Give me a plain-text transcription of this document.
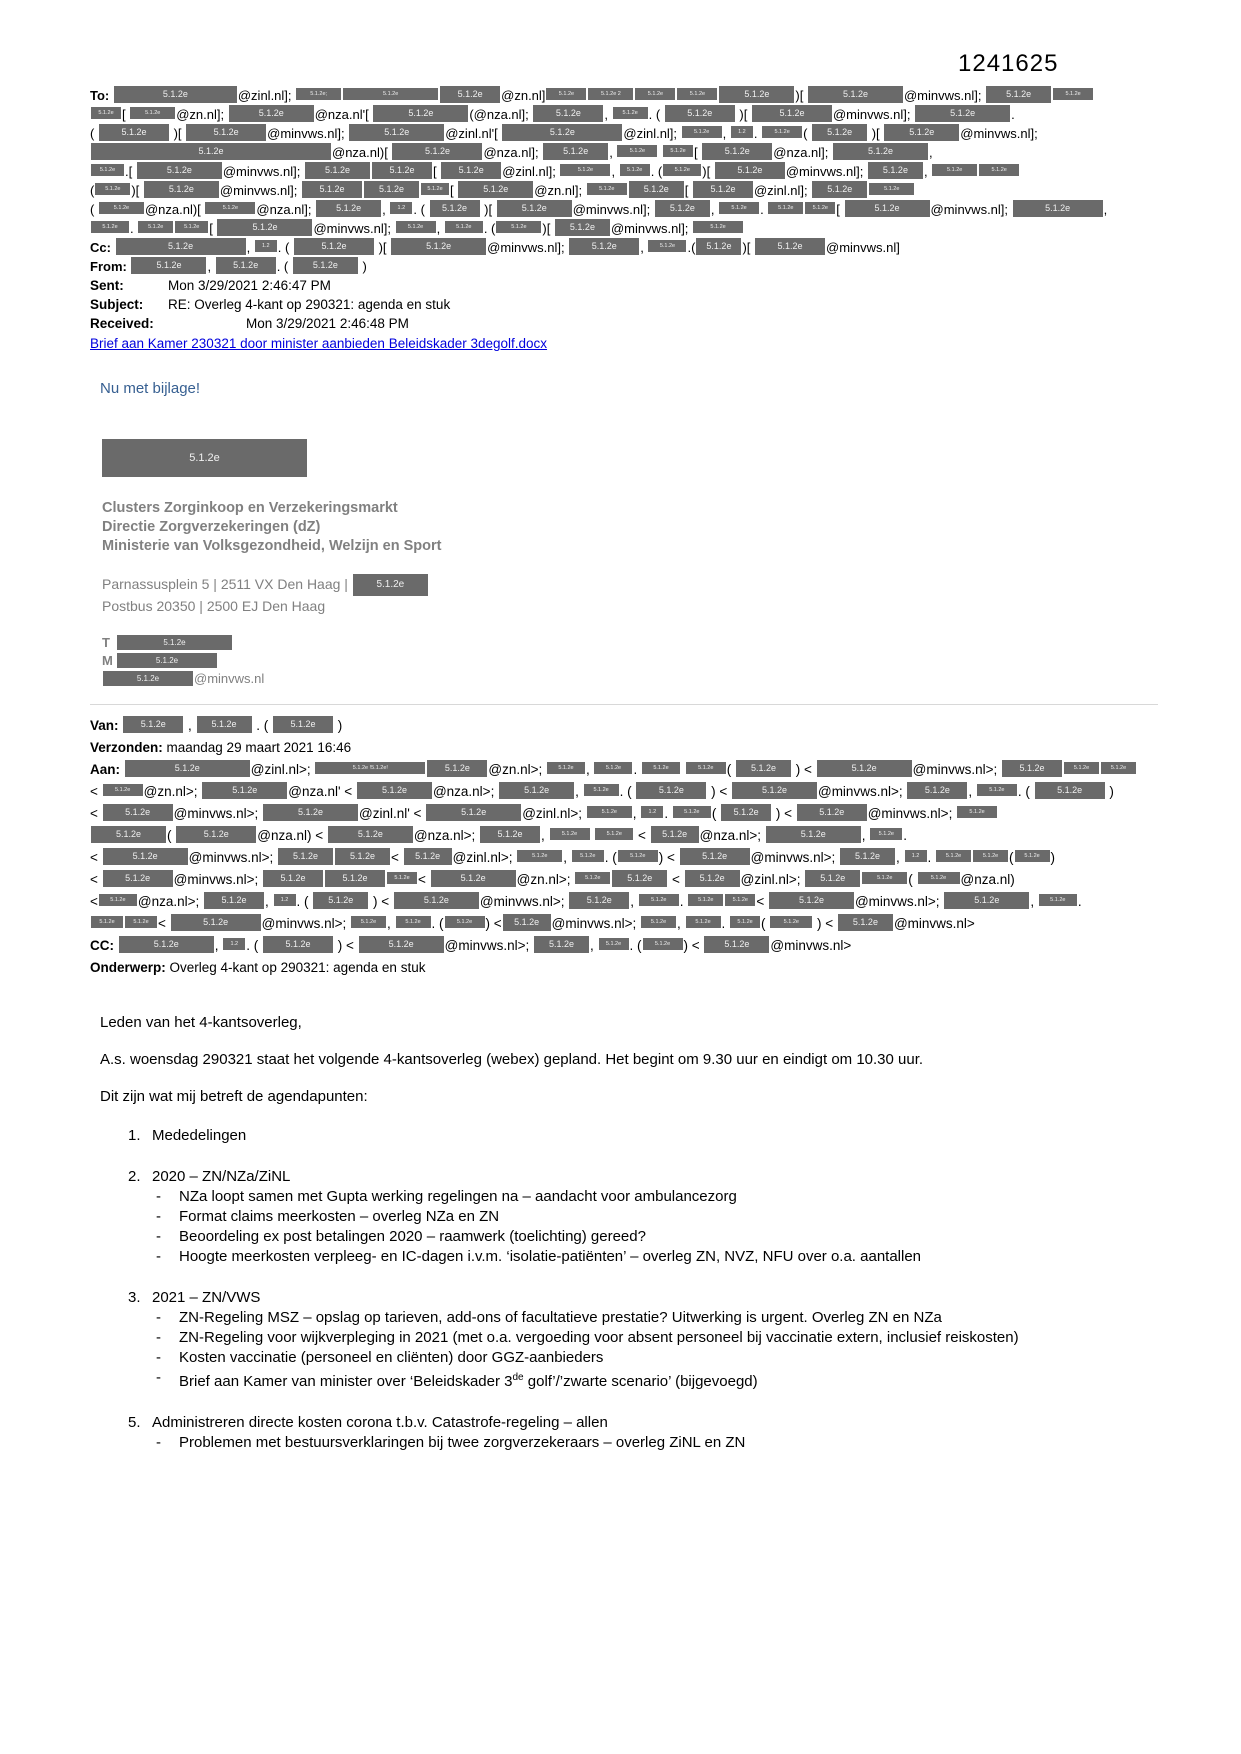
1241625
To:	5.1.2e	@zinl.nl];	5.1.2e;	5.1.2e	5.1.2e @zn.nl] 5.1.2e	5.1.2e 2	5.1.2e	5.1.2e	5.1.2e )[	5.1.2e	@minvws.nl]; 5.1.2e	5.1.2e
5.1.2e [	5.1.2e @zn.nl];	5.1.2e @nza.nl'[	5.1.2e	(@nza.nl];	5.1.2e , 5.1.2e . (	5.1.2e )[	5.1.2e @minvws.nl];	5.1.2e	.
(	5.1.2e )[	5.1.2e @minvws.nl];	5.1.2e	@zinl.nl'[	5.1.2e	@zinl.nl]; 5.1.2e , 1.2 . 5.1.2e ( 5.1.2e )[	5.1.2e @minvws.nl];
5.1.2e	@nza.nl)[	5.1.2e	@nza.nl]; 5.1.2e , 5.1.2e	5.1.2e [	5.1.2e @nza.nl];	5.1.2e	,
5.1.2e .[	5.1.2e @minvws.nl]; 5.1.2e	5.1.2e [ 5.1.2e @zinl.nl];	5.1.2e , 5.1.2e . ( 5.1.2e )[	5.1.2e @minvws.nl]; 5.1.2e ,	5.1.2e	5.1.2e
( 5.1.2e )[	5.1.2e @minvws.nl]; 5.1.2e	5.1.2e	5.1.2e [	5.1.2e @zn.nl]; 5.1.2e	5.1.2e [ 5.1.2e @zinl.nl]; 5.1.2e	5.1.2e
(	5.1.2e @nza.nl)[	5.1.2e @nza.nl]; 5.1.2e , 1.2 . ( 5.1.2e )[	5.1.2e @minvws.nl]; 5.1.2e , 5.1.2e . 5.1.2e	5.1.2e [	5.1.2e @minvws.nl];	5.1.2e	,
5.1.2e . 5.1.2e	5.1.2e [	5.1.2e	@minvws.nl]; 5.1.2e , 5.1.2e . (	5.1.2e )[ 5.1.2e @minvws.nl];	5.1.2e
Cc:	5.1.2e	, 1.2 . (	5.1.2e )[	5.1.2e	@minvws.nl];	5.1.2e , 5.1.2e .( 5.1.2e )[	5.1.2e @minvws.nl]
From:	5.1.2e , 5.1.2e . ( 5.1.2e )
Sent:	Mon 3/29/2021 2:46:47 PM
Subject:	RE: Overleg 4-kant op 290321: agenda en stuk
Received:	Mon 3/29/2021 2:46:48 PM
Brief aan Kamer 230321 door minister aanbieden Beleidskader 3degolf.docx
Nu met bijlage!
5.1.2e
Clusters Zorginkoop en Verzekeringsmarkt
Directie Zorgverzekeringen (dZ)
Ministerie van Volksgezondheid, Welzijn en Sport
Parnassusplein 5 | 2511 VX Den Haag | 5.1.2e
Postbus 20350 | 2500 EJ Den Haag
T	5.1.2e
M	5.1.2e
5.1.2e	@minvws.nl
Van: 5.1.2e , 5.1.2e . ( 5.1.2e )
Verzonden: maandag 29 maart 2021 16:46
Aan:	5.1.2e	@zinl.nl>;	5.1.2e !5.1.2e!	5.1.2e @zn.nl>; 5.1.2e , 5.1.2e . 5.1.2e	5.1.2e ( 5.1.2e ) <	5.1.2e	@minvws.nl>; 5.1.2e	5.1.2e	5.1.2e
< 5.1.2e @zn.nl>;	5.1.2e @nza.nl' <	5.1.2e @nza.nl>;	5.1.2e , 5.1.2e . (	5.1.2e ) <	5.1.2e @minvws.nl>; 5.1.2e , 5.1.2e . (	5.1.2e )
<	5.1.2e @minvws.nl>;	5.1.2e	@zinl.nl' <	5.1.2e	@zinl.nl>;	5.1.2e , 1.2 . 5.1.2e ( 5.1.2e ) <	5.1.2e @minvws.nl>; 5.1.2e
5.1.2e (	5.1.2e @nza.nl) <	5.1.2e @nza.nl>; 5.1.2e , 5.1.2e	5.1.2e < 5.1.2e @nza.nl>;	5.1.2e	, 5.1.2e .
<	5.1.2e @minvws.nl>; 5.1.2e	5.1.2e < 5.1.2e @zinl.nl>;	5.1.2e , 5.1.2e . ( 5.1.2e ) <	5.1.2e @minvws.nl>; 5.1.2e , 1.2 . 5.1.2e	5.1.2e ( 5.1.2e )
<	5.1.2e @minvws.nl>; 5.1.2e	5.1.2e	5.1.2e <	5.1.2e @zn.nl>; 5.1.2e	5.1.2e < 5.1.2e @zinl.nl>; 5.1.2e	5.1.2e (	5.1.2e @nza.nl)
< 5.1.2e @nza.nl>; 5.1.2e , 1.2 . ( 5.1.2e ) <	5.1.2e @minvws.nl>; 5.1.2e , 5.1.2e . 5.1.2e	5.1.2e <	5.1.2e @minvws.nl>;	5.1.2e , 5.1.2e .
5.1.2e	5.1.2e <	5.1.2e @minvws.nl>; 5.1.2e , 5.1.2e . ( 5.1.2e ) < 5.1.2e @minvws.nl>; 5.1.2e , 5.1.2e . 5.1.2e (	5.1.2e ) < 5.1.2e @minvws.nl>
CC:	5.1.2e	, 1.2 . (	5.1.2e ) <	5.1.2e @minvws.nl>; 5.1.2e , 5.1.2e . ( 5.1.2e ) < 5.1.2e @minvws.nl>
Onderwerp: Overleg 4-kant op 290321: agenda en stuk

Leden van het 4-kantsoverleg,

A.s. woensdag 290321 staat het volgende 4-kantsoverleg (webex) gepland. Het begint om 9.30 uur en eindigt om 10.30 uur.

Dit zijn wat mij betreft de agendapunten:

1. Mededelingen
2. 2020 – ZN/NZa/ZiNL
-	NZa loopt samen met Gupta werking regelingen na – aandacht voor ambulancezorg
-	Format claims meerkosten – overleg NZa en ZN
-	Beoordeling ex post betalingen 2020 – raamwerk (toelichting) gereed?
-	Hoogte meerkosten verpleeg- en IC-dagen i.v.m. ‘isolatie-patiënten’ – overleg ZN, NVZ, NFU over o.a. aantallen
3. 2021 – ZN/VWS
-	ZN-Regeling MSZ – opslag op tarieven, add-ons of facultatieve prestatie? Uitwerking is urgent. Overleg ZN en NZa
-	ZN-Regeling voor wijkverpleging in 2021 (met o.a. vergoeding voor absent personeel bij vaccinatie extern, inclusief reiskosten)
-	Kosten vaccinatie (personeel en cliënten) door GGZ-aanbieders
-	Brief aan Kamer van minister over ‘Beleidskader 3de golf’/’zwarte scenario’ (bijgevoegd)
5. Administreren directe kosten corona t.b.v. Catastrofe-regeling – allen
-	Problemen met bestuursverklaringen bij twee zorgverzekeraars – overleg ZiNL en ZN
